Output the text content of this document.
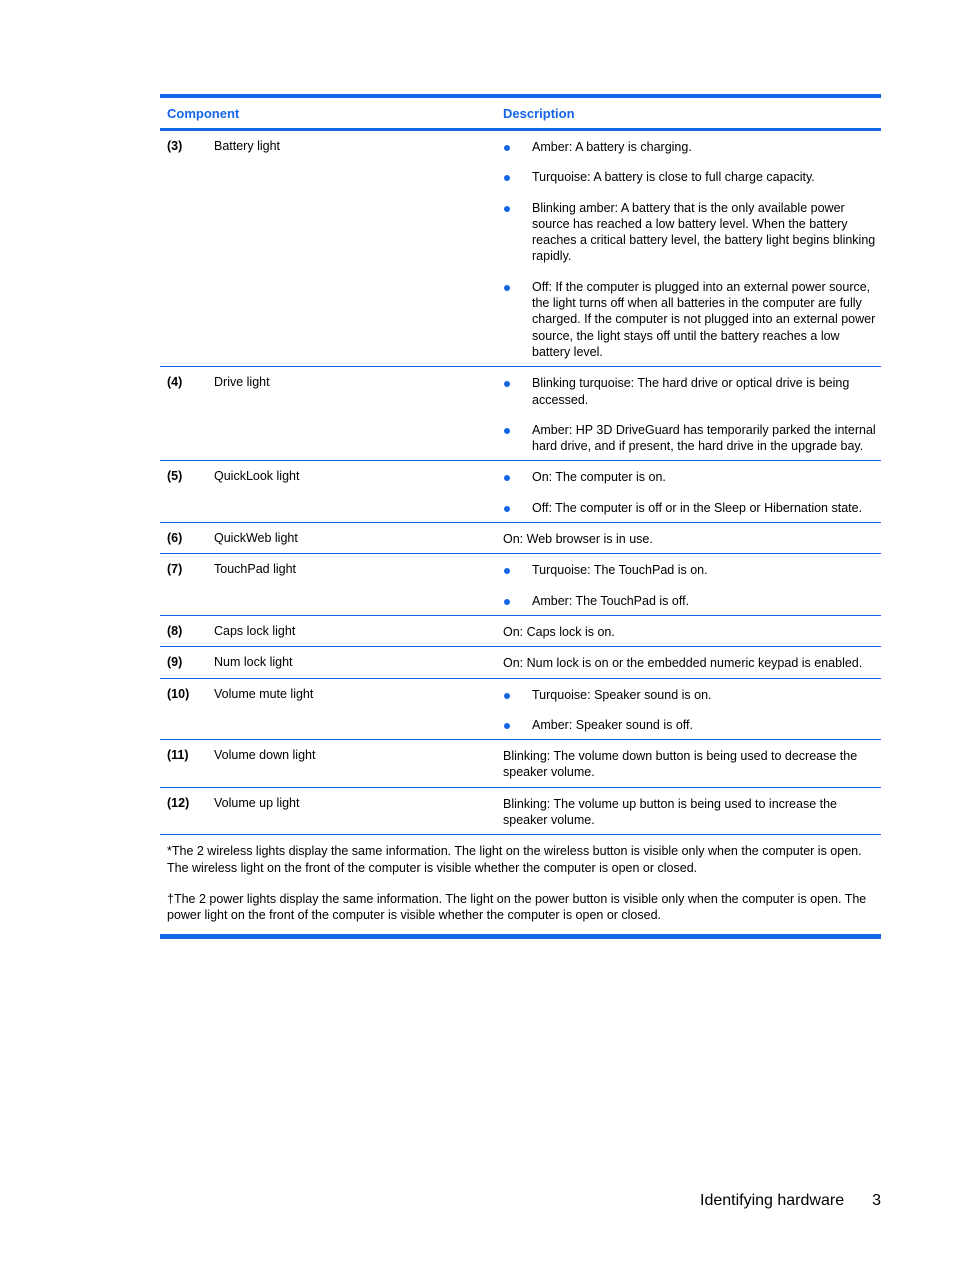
Component	Description
(3)	Battery light	Amber: A battery is charging.
Turquoise: A battery is close to full charge capacity.
Blinking amber: A battery that is the only available power source has reached a low battery level. When the battery reaches a critical battery level, the battery light begins blinking rapidly.
Off: If the computer is plugged into an external power source, the light turns off when all batteries in the computer are fully charged. If the computer is not plugged into an external power source, the light stays off until the battery reaches a low battery level.
(4)	Drive light	Blinking turquoise: The hard drive or optical drive is being accessed.
Amber: HP 3D DriveGuard has temporarily parked the internal hard drive, and if present, the hard drive in the upgrade bay.
(5)	QuickLook light	On: The computer is on.
Off: The computer is off or in the Sleep or Hibernation state.
(6)	QuickWeb light	On: Web browser is in use.
(7)	TouchPad light	Turquoise: The TouchPad is on.
Amber: The TouchPad is off.
(8)	Caps lock light	On: Caps lock is on.
(9)	Num lock light	On: Num lock is on or the embedded numeric keypad is enabled.
(10)	Volume mute light	Turquoise: Speaker sound is on.
Amber: Speaker sound is off.
(11)	Volume down light	Blinking: The volume down button is being used to decrease the speaker volume.
(12)	Volume up light	Blinking: The volume up button is being used to increase the speaker volume.

*The 2 wireless lights display the same information. The light on the wireless button is visible only when the computer is open. The wireless light on the front of the computer is visible whether the computer is open or closed.

†The 2 power lights display the same information. The light on the power button is visible only when the computer is open. The power light on the front of the computer is visible whether the computer is open or closed.

Identifying hardware 3
